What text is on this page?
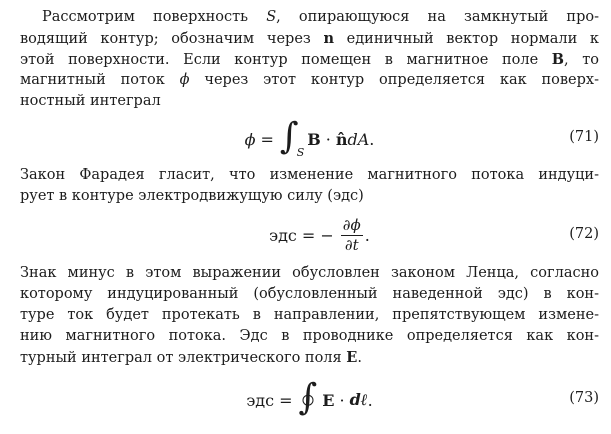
Рассмотрим поверхность S, опирающуюся на замкнутый про-
водящий контур; обозначим через n единичный вектор нормали к
этой поверхности. Если контур помещен в магнитное поле B, то
магнитный поток ϕ через этот контур определяется как поверх-
ностный интеграл
ϕ = ∫
S
B · n̂ dA .	(71)
Закон Фарадея гласит, что изменение магнитного потока индуци-
рует в контуре электродвижущую силу (эдс)
эдс = − $\frac{\partial\phi}{\partial t}$ .	(72)
Знак минус в этом выражении обусловлен законом Ленца, согласно
которому индуцированный (обусловленный наведенной эдс) в кон-
туре ток будет протекать в направлении, препятствующем измене-
нию магнитного потока. Эдс в проводнике определяется как кон-
турный интеграл от электрического поля E.
эдс = ∫ E · dℓ .	(73)
